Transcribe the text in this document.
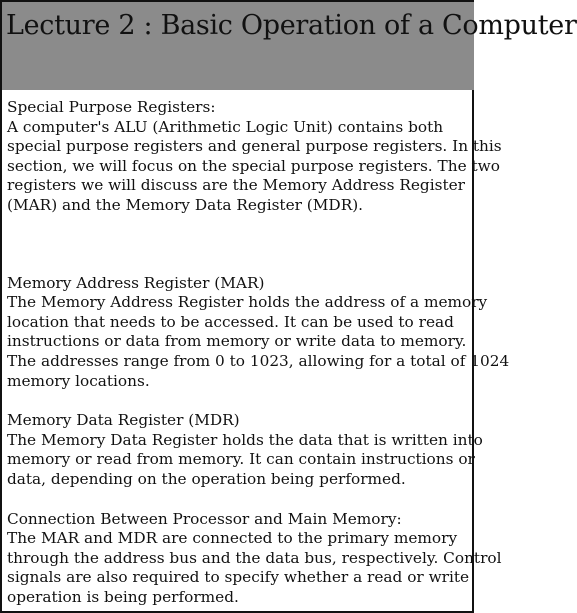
Lecture 2 : Basic Operation of a Computer

Special Purpose Registers:

A computer's ALU (Arithmetic Logic Unit) contains both

special purpose registers and general purpose registers. In this

section, we will focus on the special purpose registers. The two

registers we will discuss are the Memory Address Register

(MAR) and the Memory Data Register (MDR).

Memory Address Register (MAR)

The Memory Address Register holds the address of a memory

location that needs to be accessed. It can be used to read

instructions or data from memory or write data to memory.

The addresses range from 0 to 1023, allowing for a total of 1024

memory locations.

Memory Data Register (MDR)

The Memory Data Register holds the data that is written into

memory or read from memory. It can contain instructions or

data, depending on the operation being performed.

Connection Between Processor and Main Memory:

The MAR and MDR are connected to the primary memory

through the address bus and the data bus, respectively. Control

signals are also required to specify whether a read or write

operation is being performed.
